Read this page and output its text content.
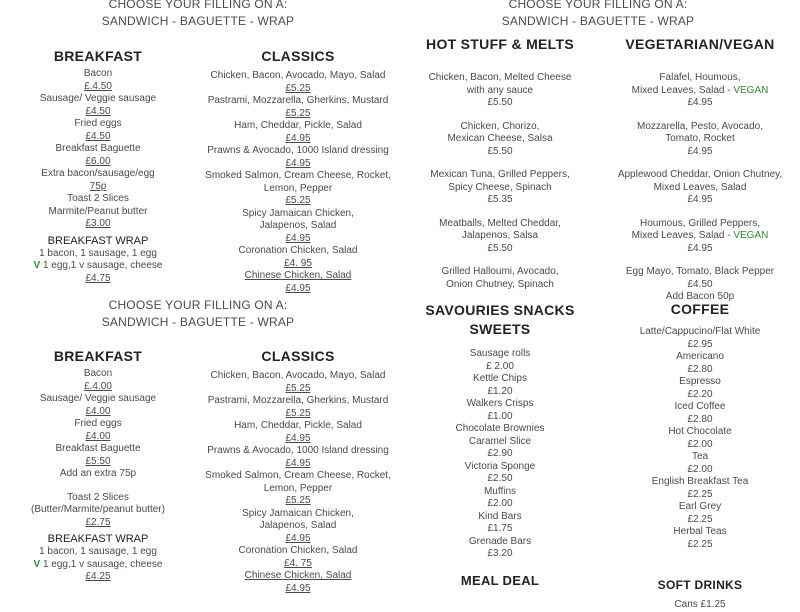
CHOOSE YOUR FILLING ON A:
SANDWICH - BAGUETTE - WRAP
CHOOSE YOUR FILLING ON A:
SANDWICH - BAGUETTE - WRAP
CHOOSE YOUR FILLING ON A:
SANDWICH - BAGUETTE - WRAP
BREAKFAST
Bacon
£.4.50
Sausage/ Veggie sausage
£4.50
Fried eggs
£4.50
Breakfast Baguette
£6.00
Extra bacon/sausage/egg
75p
Toast 2 Slices
Marmite/Peanut butter
£3.00
BREAKFAST WRAP
1 bacon, 1 sausage, 1 egg
V 1 egg,1 v sausage, cheese
£4.75
CLASSICS
Chicken, Bacon, Avocado, Mayo, Salad
£5.25
Pastrami, Mozzarella, Gherkins, Mustard
£5.25
Ham, Cheddar, Pickle, Salad
£4.95
Prawns & Avocado, 1000 Island dressing
£4.95
Smoked Salmon, Cream Cheese, Rocket,
Lemon, Pepper
£5.25
Spicy Jamaican Chicken,
Jalapenos, Salad
£4.95
Coronation Chicken, Salad
£4. 95
Chinese Chicken, Salad
£4.95
BREAKFAST
Bacon
£.4.00
Sausage/ Veggie sausage
£4.00
Fried eggs
£4.00
Breakfast Baguette
£5.50
Add an extra 75p
Toast 2 Slices
(Butter/Marmite/peanut butter)
£2.75
BREAKFAST WRAP
1 bacon, 1 sausage, 1 egg
V 1 egg,1 v sausage, cheese
£4.25
CLASSICS
Chicken, Bacon, Avocado, Mayo, Salad
£5.25
Pastrami, Mozzarella, Gherkins, Mustard
£5.25
Ham, Cheddar, Pickle, Salad
£4.95
Prawns & Avocado, 1000 Island dressing
£4.95
Smoked Salmon, Cream Cheese, Rocket,
Lemon, Pepper
£5.25
Spicy Jamaican Chicken,
Jalapenos, Salad
£4.95
Coronation Chicken, Salad
£4. 75
Chinese Chicken, Salad
£4.95
HOT STUFF & MELTS
Chicken, Bacon, Melted Cheese
with any sauce
£5.50
Chicken, Chorizo,
Mexican Cheese, Salsa
£5.50
Mexican Tuna, Grilled Peppers,
Spicy Cheese, Spinach
£5.35
Meatballs, Melted Cheddar,
Jalapenos, Salsa
£5.50
Grilled Halloumi, Avocado,
Onion Chutney, Spinach
VEGETARIAN/VEGAN
Falafel, Houmous,
Mixed Leaves, Salad - VEGAN
£4.95
Mozzarella, Pesto, Avocado,
Tomato, Rocket
£4.95
Applewood Cheddar, Onion Chutney,
Mixed Leaves, Salad
£4.95
Houmous, Grilled Peppers,
Mixed Leaves, Salad - VEGAN
£4.95
Egg Mayo, Tomato, Black Pepper
£4.50
Add Bacon 50p
SAVOURIES SNACKS
SWEETS
Sausage rolls
£ 2.00
Kettle Chips
£1.20
Walkers Crisps
£1.00
Chocolate Brownies
Caramel Slice
£2.90
Victoria Sponge
£2.50
Muffins
£2.00
Kind Bars
£1.75
Grenade Bars
£3.20
MEAL DEAL
COFFEE
Latte/Cappucino/Flat White
£2.95
Americano
£2.80
Espresso
£2.20
Iced Coffee
£2.80
Hot Chocolate
£2.00
Tea
£2.00
English Breakfast Tea
£2.25
Earl Grey
£2.25
Herbal Teas
£2.25
SOFT DRINKS
Cans £1.25
